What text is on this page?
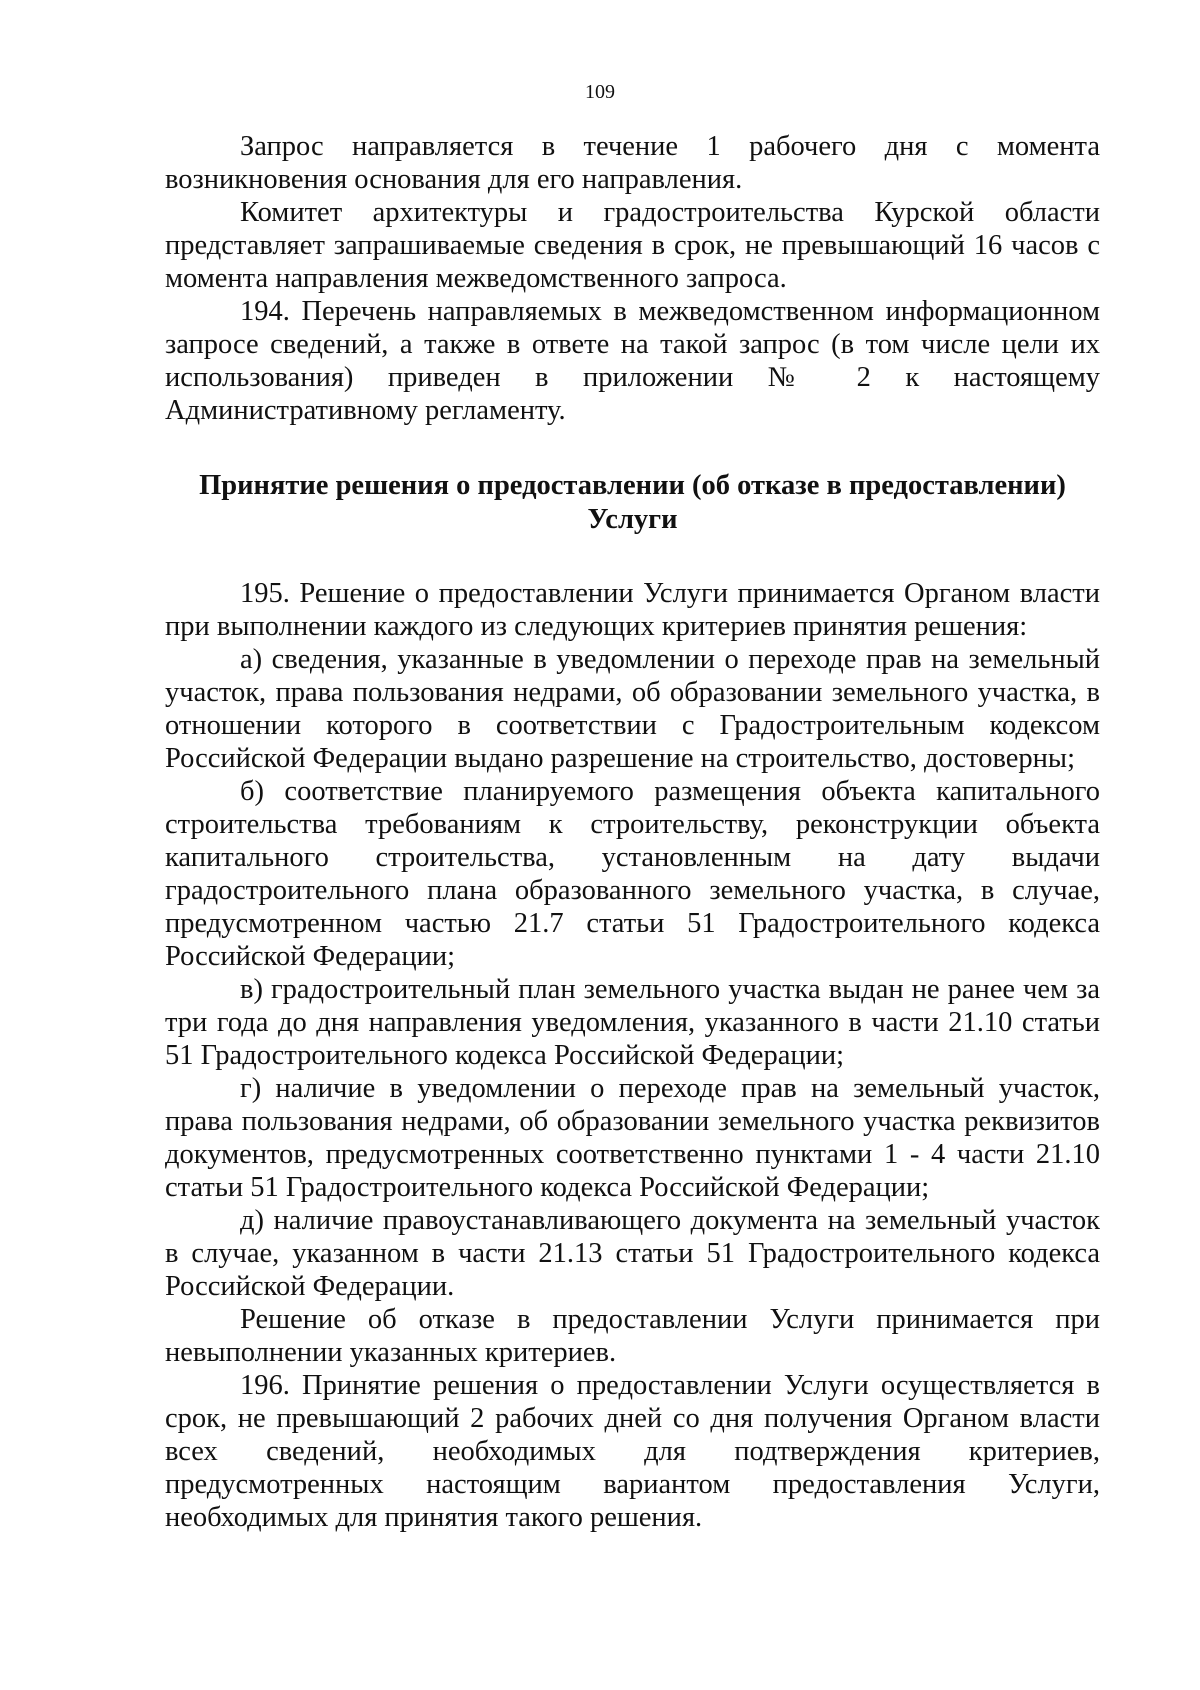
109

Запрос направляется в течение 1 рабочего дня с момента возникновения основания для его направления.

Комитет архитектуры и градостроительства Курской области представляет запрашиваемые сведения в срок, не превышающий 16 часов с момента направления межведомственного запроса.

194. Перечень направляемых в межведомственном информационном запросе сведений, а также в ответе на такой запрос (в том числе цели их использования) приведен в приложении № 2 к настоящему Административному регламенту.

Принятие решения о предоставлении (об отказе в предоставлении)
Услуги

195. Решение о предоставлении Услуги принимается Органом власти при выполнении каждого из следующих критериев принятия решения:

а) сведения, указанные в уведомлении о переходе прав на земельный участок, права пользования недрами, об образовании земельного участка, в отношении которого в соответствии с Градостроительным кодексом Российской Федерации выдано разрешение на строительство, достоверны;

б) соответствие планируемого размещения объекта капитального строительства требованиям к строительству, реконструкции объекта капитального строительства, установленным на дату выдачи градостроительного плана образованного земельного участка, в случае, предусмотренном частью 21.7 статьи 51 Градостроительного кодекса Российской Федерации;

в) градостроительный план земельного участка выдан не ранее чем за три года до дня направления уведомления, указанного в части 21.10 статьи 51 Градостроительного кодекса Российской Федерации;

г) наличие в уведомлении о переходе прав на земельный участок, права пользования недрами, об образовании земельного участка реквизитов документов, предусмотренных соответственно пунктами 1 - 4 части 21.10 статьи 51 Градостроительного кодекса Российской Федерации;

д) наличие правоустанавливающего документа на земельный участок в случае, указанном в части 21.13 статьи 51 Градостроительного кодекса Российской Федерации.

Решение об отказе в предоставлении Услуги принимается при невыполнении указанных критериев.

196. Принятие решения о предоставлении Услуги осуществляется в срок, не превышающий 2 рабочих дней со дня получения Органом власти всех сведений, необходимых для подтверждения критериев, предусмотренных настоящим вариантом предоставления Услуги, необходимых для принятия такого решения.
